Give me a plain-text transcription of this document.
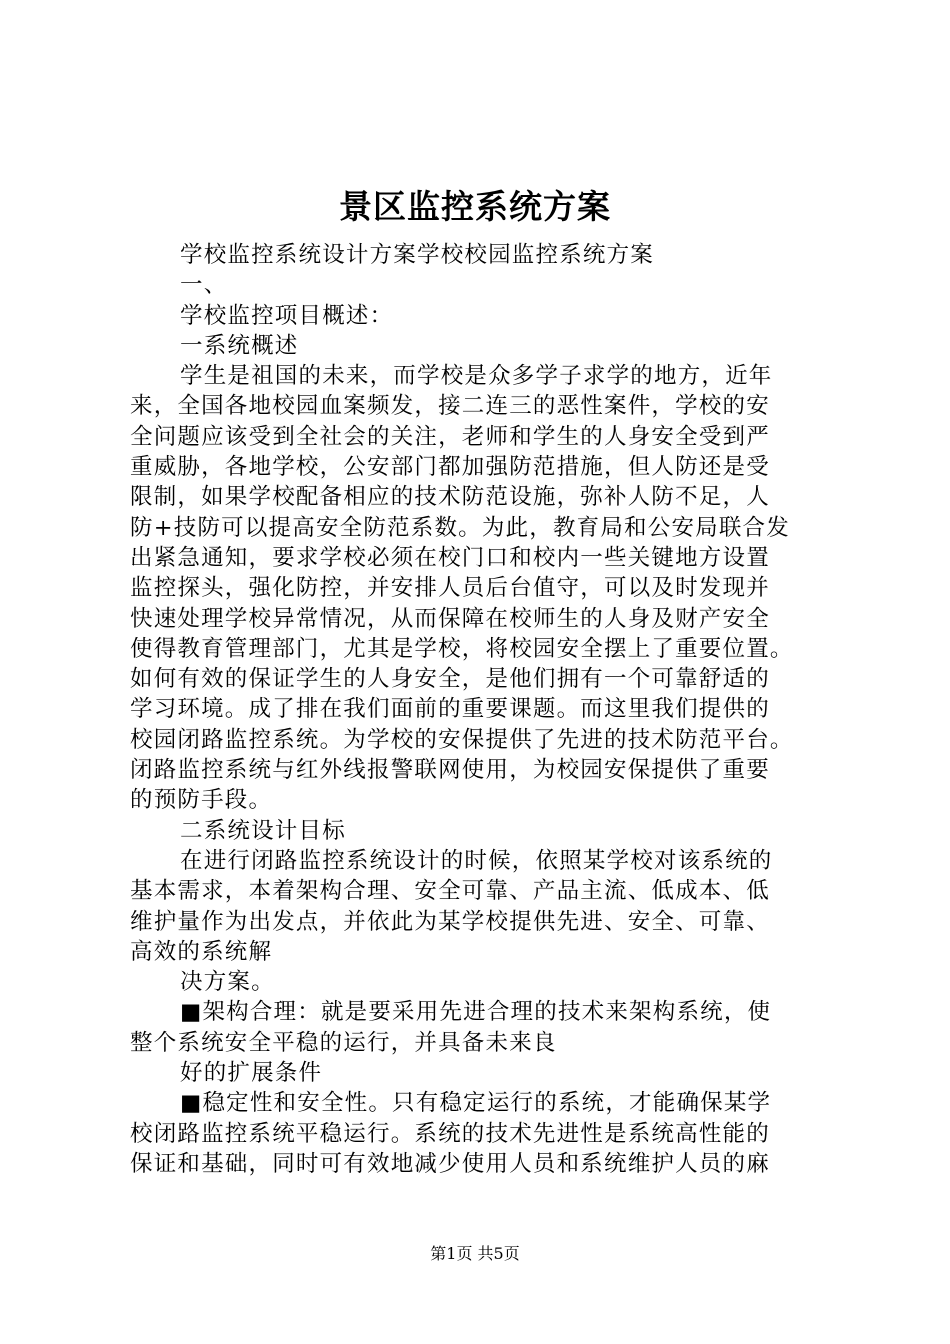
景区监控系统方案
学校监控系统设计方案学校校园监控系统方案
一、
学校监控项目概述：
一系统概述
学生是祖国的未来，而学校是众多学子求学的地方，近年
来，全国各地校园血案频发，接二连三的恶性案件，学校的安
全问题应该受到全社会的关注，老师和学生的人身安全受到严
重威胁，各地学校，公安部门都加强防范措施，但人防还是受
限制，如果学校配备相应的技术防范设施，弥补人防不足，人
防+技防可以提高安全防范系数。为此，教育局和公安局联合发
出紧急通知，要求学校必须在校门口和校内一些关键地方设置
监控探头，强化防控，并安排人员后台值守，可以及时发现并
快速处理学校异常情况，从而保障在校师生的人身及财产安全
使得教育管理部门，尤其是学校，将校园安全摆上了重要位置。
如何有效的保证学生的人身安全，是他们拥有一个可靠舒适的
学习环境。成了排在我们面前的重要课题。而这里我们提供的
校园闭路监控系统。为学校的安保提供了先进的技术防范平台。
闭路监控系统与红外线报警联网使用，为校园安保提供了重要
的预防手段。
二系统设计目标
在进行闭路监控系统设计的时候，依照某学校对该系统的
基本需求，本着架构合理、安全可靠、产品主流、低成本、低
维护量作为出发点，并依此为某学校提供先进、安全、可靠、
高效的系统解
决方案。
■架构合理：就是要采用先进合理的技术来架构系统，使
整个系统安全平稳的运行，并具备未来良
好的扩展条件
■稳定性和安全性。只有稳定运行的系统，才能确保某学
校闭路监控系统平稳运行。系统的技术先进性是系统高性能的
保证和基础，同时可有效地减少使用人员和系统维护人员的麻
第1页 共5页
